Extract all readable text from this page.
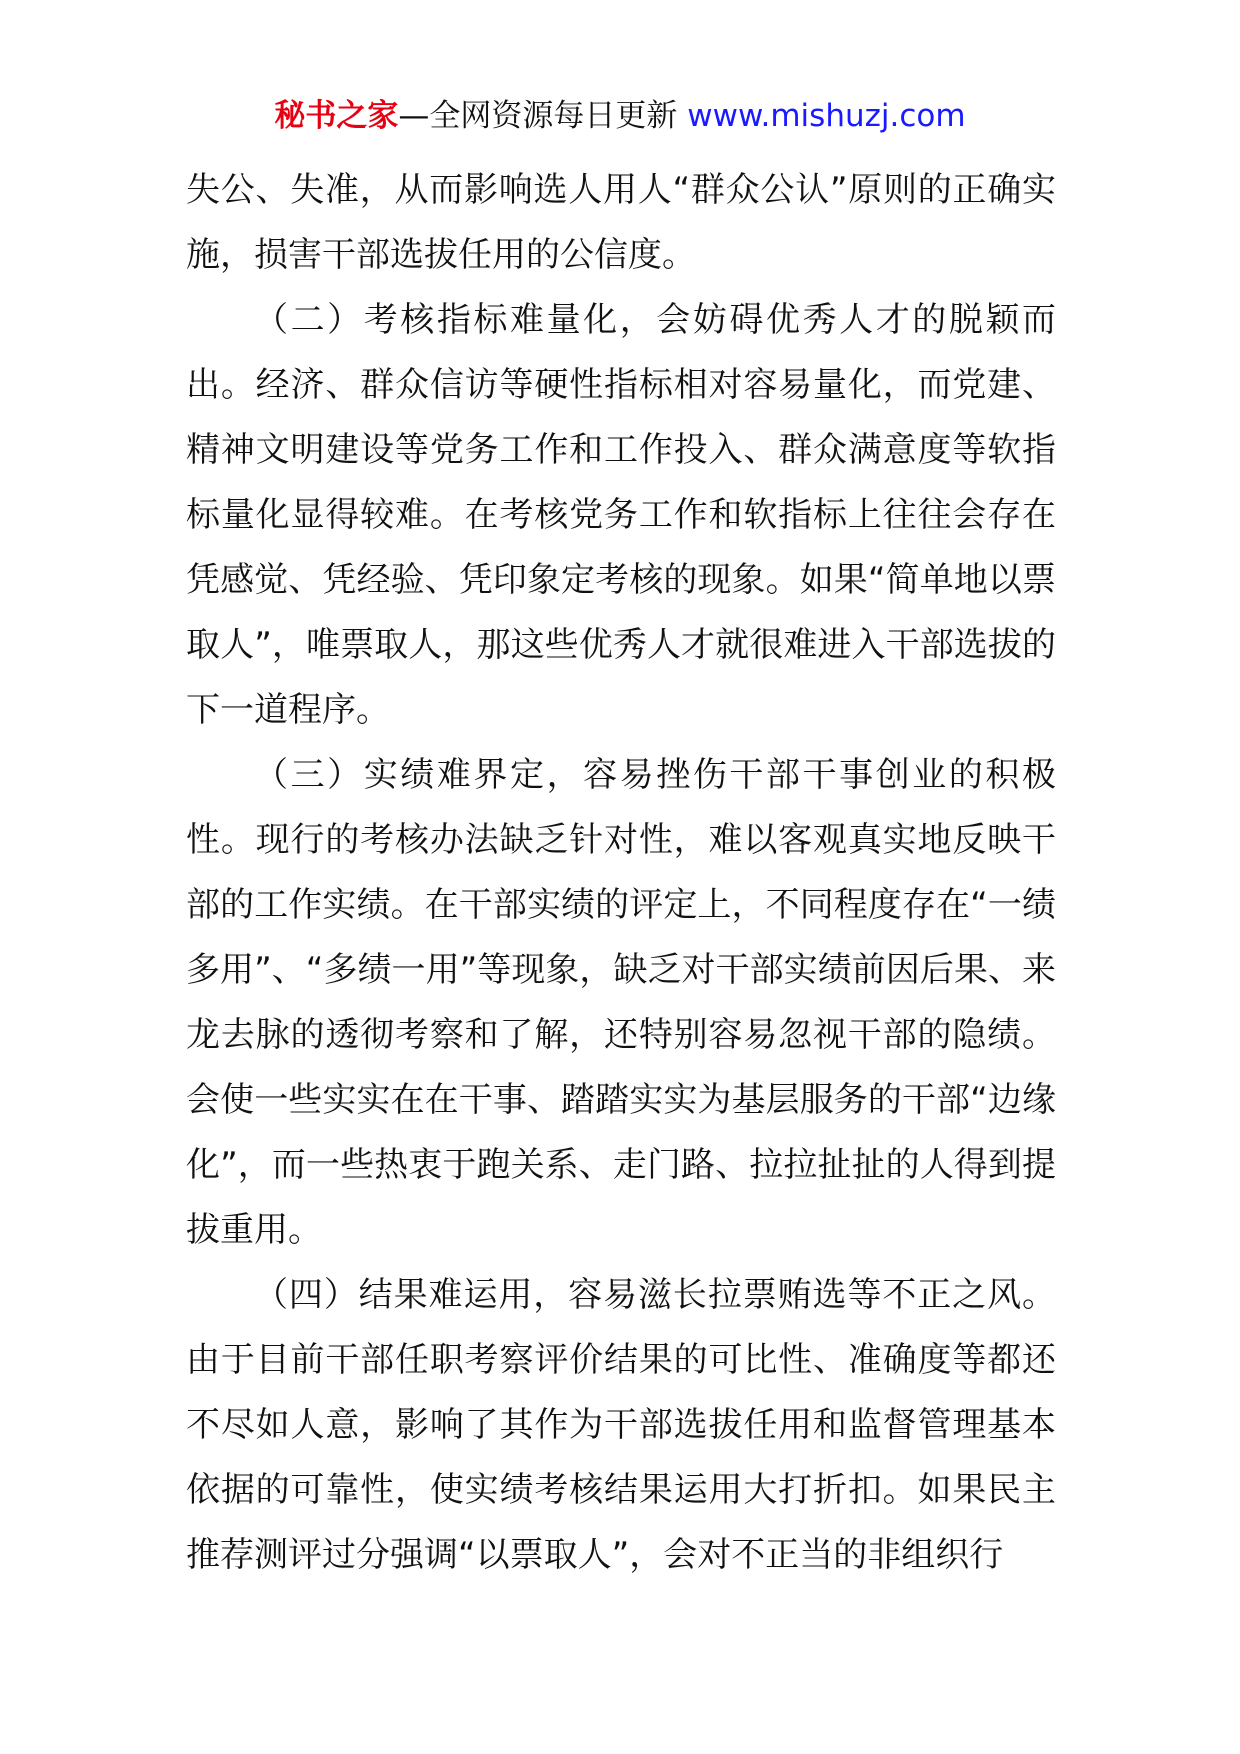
秘书之家—全网资源每日更新 www.mishuzj.com

失公、失准，从而影响选人用人“群众公认”原则的正确实施，损害干部选拔任用的公信度。

（二）考核指标难量化，会妨碍优秀人才的脱颖而出。经济、群众信访等硬性指标相对容易量化，而党建、精神文明建设等党务工作和工作投入、群众满意度等软指标量化显得较难。在考核党务工作和软指标上往往会存在凭感觉、凭经验、凭印象定考核的现象。如果“简单地以票取人”，唯票取人，那这些优秀人才就很难进入干部选拔的下一道程序。

（三）实绩难界定，容易挫伤干部干事创业的积极性。现行的考核办法缺乏针对性，难以客观真实地反映干部的工作实绩。在干部实绩的评定上，不同程度存在“一绩多用”、“多绩一用”等现象，缺乏对干部实绩前因后果、来龙去脉的透彻考察和了解，还特别容易忽视干部的隐绩。会使一些实实在在干事、踏踏实实为基层服务的干部“边缘化”，而一些热衷于跑关系、走门路、拉拉扯扯的人得到提拔重用。

（四）结果难运用，容易滋长拉票贿选等不正之风。由于目前干部任职考察评价结果的可比性、准确度等都还不尽如人意，影响了其作为干部选拔任用和监督管理基本依据的可靠性，使实绩考核结果运用大打折扣。如果民主推荐测评过分强调“以票取人”，会对不正当的非组织行
